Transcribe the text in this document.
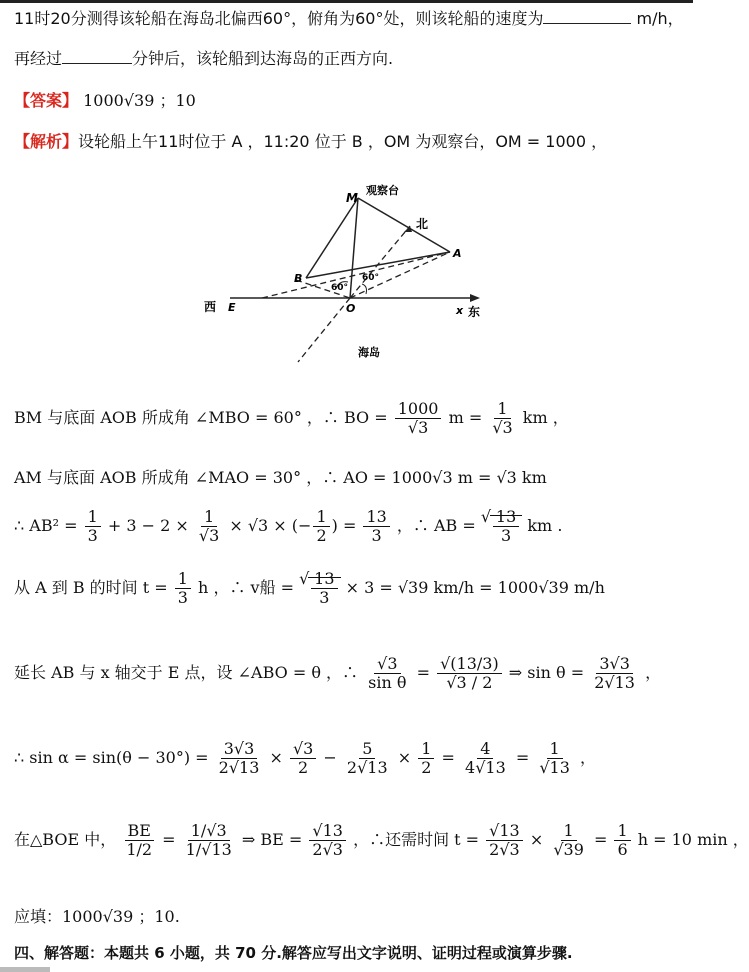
11时20分测得该轮船在海岛北偏西60°，俯角为60°处，则该轮船的速度为	m/h，
再经过	分钟后，该轮船到达海岛的正西方向.
【答案】 1000√39 ；10
【解析】设轮船上午11时位于 A ，11:20 位于 B ，OM 为观察台，OM = 1000 ，
M
观察台
北
A
B	60°
60°
西 E	O	x 东
海岛
BM 与底面 AOB 所成角 ∠MBO = 60° ，∴ BO = $\frac{1000}{√3}$ $m = \frac{1}{√3}$ km ，
AM 与底面 AOB 所成角 ∠MAO = 30° ，∴ AO = 1000√3 m = √3 km
∴ $AB^2 = \frac{1}{3} + 3 - 2 \times \frac{1}{√3} \times √3$ × (− $\frac{1}{2}$ ) = $\frac{13}{3}$ ，∴ AB = √ $\frac{13}{3}$ km .
从 A 到 B 的时间 $t = \frac{1}{3}$ h ，∴ v船 = √ $\frac{13}{3} \times 3 = √39$ km/h = 1000√39 m/h
延长 AB 与 x 轴交于 E 点，设 ∠ABO = θ ，∴ $\frac{√3}{\text{sin θ}} = \frac{√(13/3)}{√3 / 2}$ ⇒ $\sin \theta = \frac{3√3}{2√13}$ ，
∴ $\sin \alpha = \sin(\theta - 30^\circ) = \frac{3√3}{2√13} \times \frac{√3}{2} - \frac{5}{2√13} \times \frac{1}{2} = \frac{4}{4√13} = \frac{1}{√13}$ ，
在△BOE 中， $\frac{BE}{1/2} = \frac{1/√3}{1/√13}$ ⇒ BE = $\frac{√13}{2√3}$ ，∴还需时间 $t = \frac{√13}{2√3} \times \frac{1}{√39} = \frac{1}{6}$ h = 10 min ，
应填：1000√39 ；10.
四、解答题：本题共 6 小题，共 70 分.解答应写出文字说明、证明过程或演算步骤.
